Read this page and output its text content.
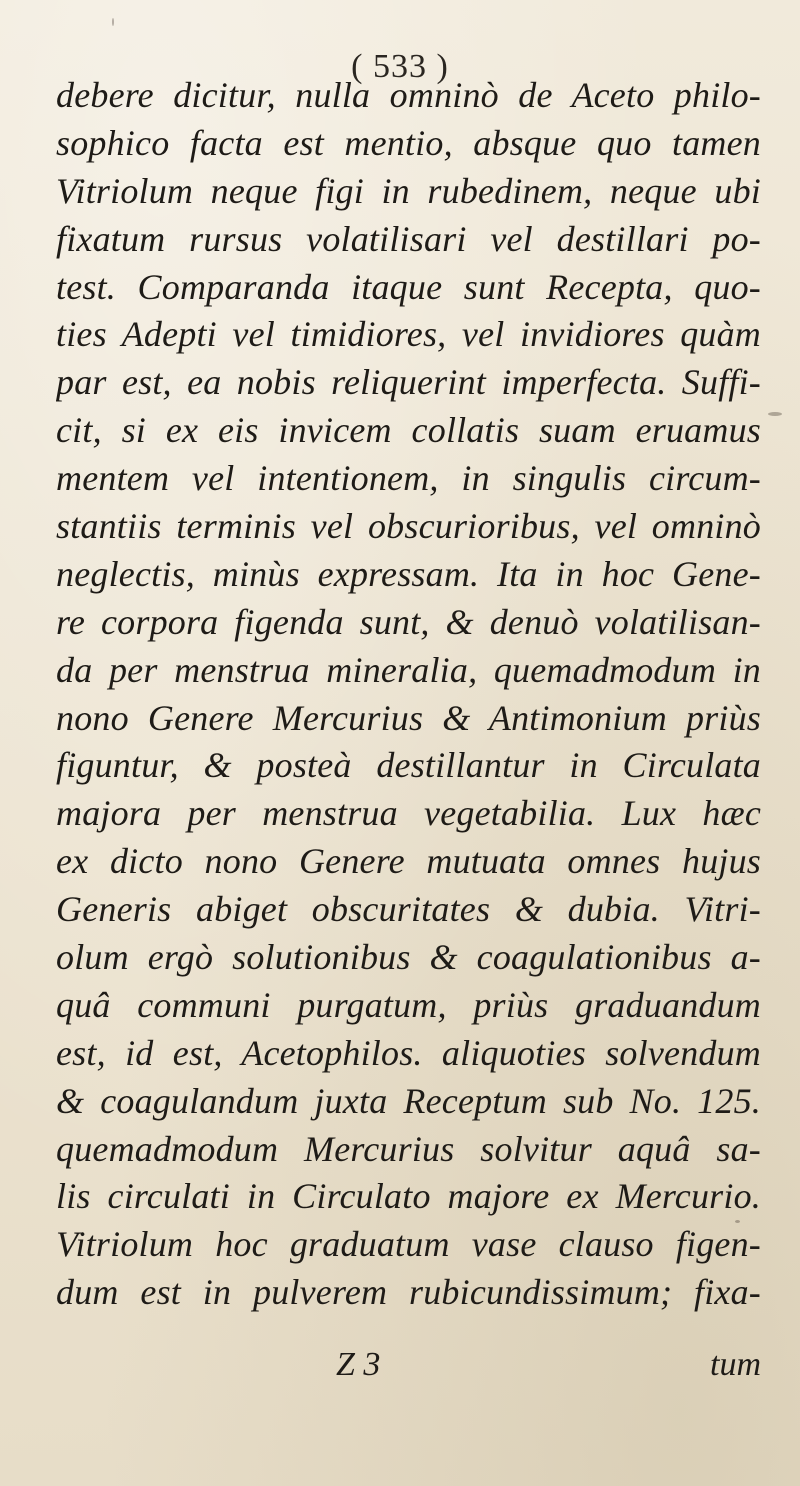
( 533 )
debere dicitur, nulla omninò de Aceto philo-
sophico facta est mentio, absque quo tamen
Vitriolum neque figi in rubedinem, neque ubi
fixatum rursus volatilisari vel destillari po-
test. Comparanda itaque sunt Recepta, quo-
ties Adepti vel timidiores, vel invidiores quàm
par est, ea nobis reliquerint imperfecta. Suffi-
cit, si ex eis invicem collatis suam eruamus
mentem vel intentionem, in singulis circum-
stantiis terminis vel obscurioribus, vel omninò
neglectis, minùs expressam. Ita in hoc Gene-
re corpora figenda sunt, & denuò volatilisan-
da per menstrua mineralia, quemadmodum in
nono Genere Mercurius & Antimonium priùs
figuntur, & posteà destillantur in Circulata
majora per menstrua vegetabilia. Lux hæc
ex dicto nono Genere mutuata omnes hujus
Generis abiget obscuritates & dubia. Vitri-
olum ergò solutionibus & coagulationibus a-
quâ communi purgatum, priùs graduandum
est, id est, Acetophilos. aliquoties solvendum
& coagulandum juxta Receptum sub No. 125.
quemadmodum Mercurius solvitur aquâ sa-
lis circulati in Circulato majore ex Mercurio.
Vitriolum hoc graduatum vase clauso figen-
dum est in pulverem rubicundissimum; fixa-
Z 3	tum
